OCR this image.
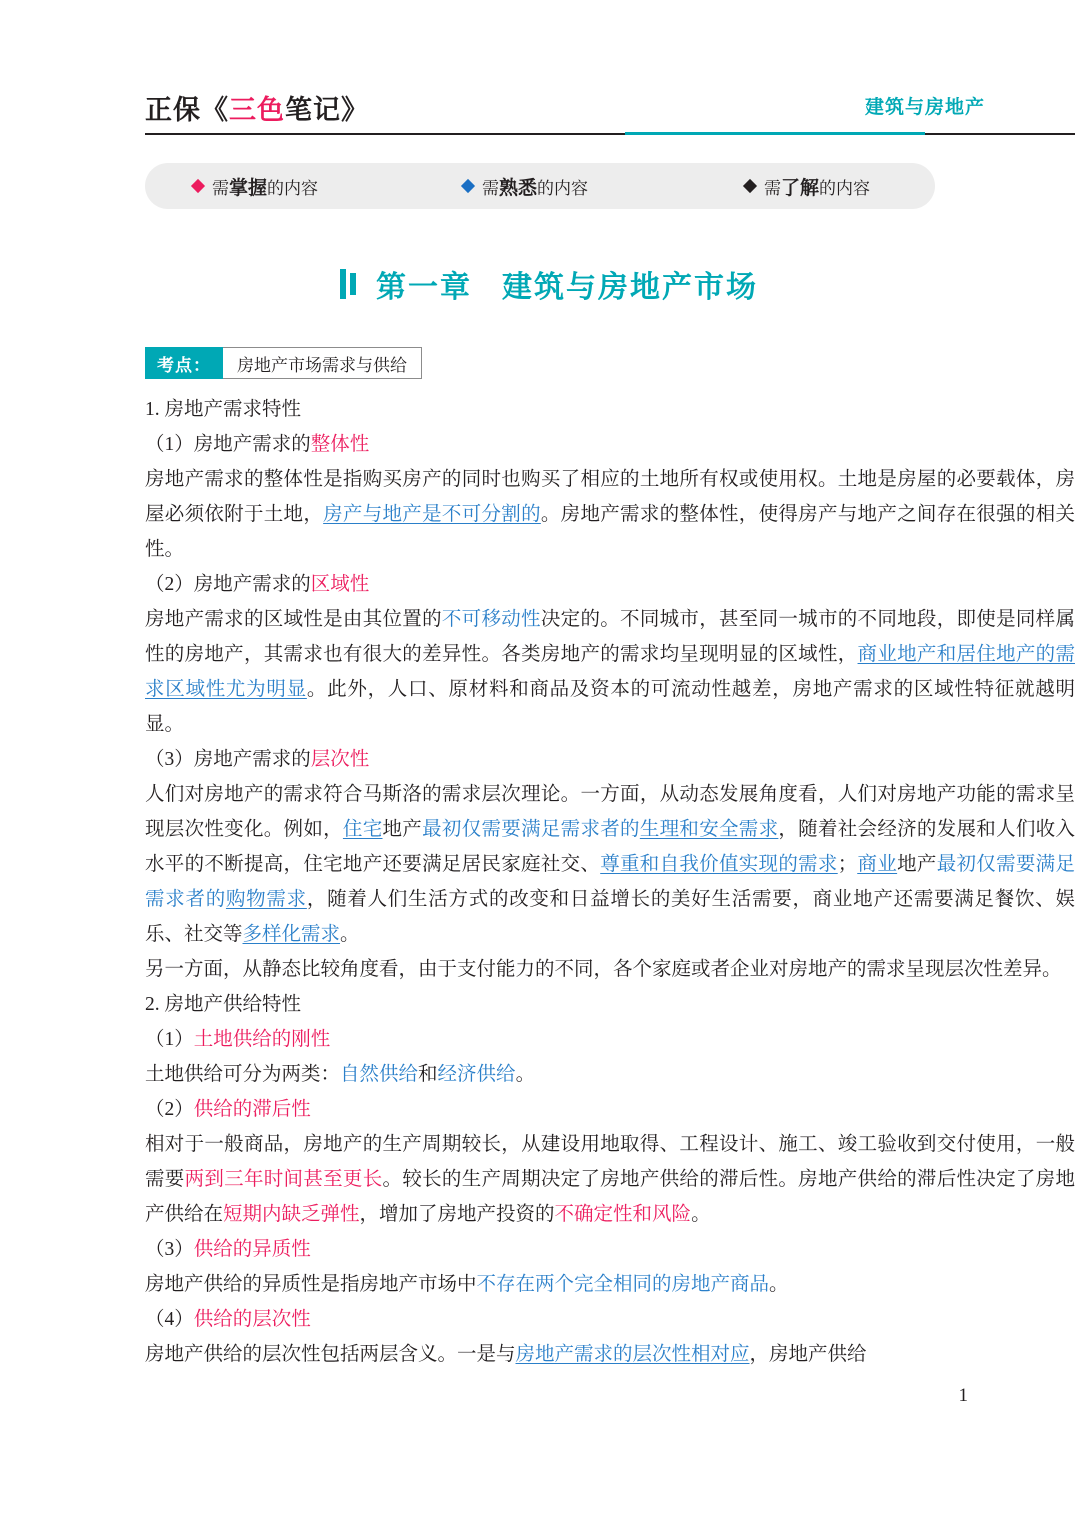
正保《三色笔记》	建筑与房地产
需 掌握 的内容	需 熟悉 的内容	需 了解 的内容
第一章 建筑与房地产市场
考点：	房地产市场需求与供给

1. 房地产需求特性

（1）房地产需求的整体性

房地产需求的整体性是指购买房产的同时也购买了相应的土地所有权或使用权。土地是房屋的必要载体，房屋必须依附于土地，房产与地产是不可分割的。房地产需求的整体性，使得房产与地产之间存在很强的相关性。

（2）房地产需求的区域性

房地产需求的区域性是由其位置的不可移动性决定的。不同城市，甚至同一城市的不同地段，即使是同样属性的房地产，其需求也有很大的差异性。各类房地产的需求均呈现明显的区域性，商业地产和居住地产的需求区域性尤为明显。此外，人口、原材料和商品及资本的可流动性越差，房地产需求的区域性特征就越明显。

（3）房地产需求的层次性

人们对房地产的需求符合马斯洛的需求层次理论。一方面，从动态发展角度看，人们对房地产功能的需求呈现层次性变化。例如，住宅地产最初仅需要满足需求者的生理和安全需求，随着社会经济的发展和人们收入水平的不断提高，住宅地产还要满足居民家庭社交、尊重和自我价值实现的需求；商业地产最初仅需要满足需求者的购物需求，随着人们生活方式的改变和日益增长的美好生活需要，商业地产还需要满足餐饮、娱乐、社交等多样化需求。

另一方面，从静态比较角度看，由于支付能力的不同，各个家庭或者企业对房地产的需求呈现层次性差异。

2. 房地产供给特性

（1）土地供给的刚性

土地供给可分为两类：自然供给和经济供给。

（2）供给的滞后性

相对于一般商品，房地产的生产周期较长，从建设用地取得、工程设计、施工、竣工验收到交付使用，一般需要两到三年时间甚至更长。较长的生产周期决定了房地产供给的滞后性。房地产供给的滞后性决定了房地产供给在短期内缺乏弹性，增加了房地产投资的不确定性和风险。

（3）供给的异质性

房地产供给的异质性是指房地产市场中不存在两个完全相同的房地产商品。

（4）供给的层次性

房地产供给的层次性包括两层含义。一是与房地产需求的层次性相对应，房地产供给

1
